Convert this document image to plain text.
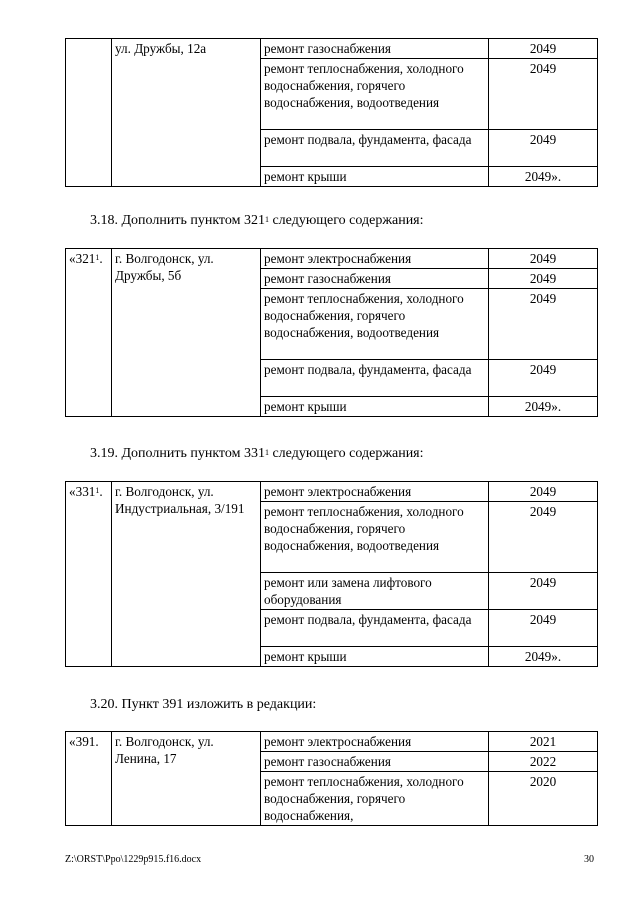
	ул. Дружбы, 12а	ремонт газоснабжения	2049
		ремонт теплоснабжения, холодного водоснабжения, горячего водоснабжения, водоотведения	2049
		ремонт подвала, фундамента, фасада	2049
		ремонт крыши	2049».
3.18. Дополнить пунктом $321^1$ следующего содержания:
«$321^1$.	г. Волгодонск, ул. Дружбы, 5б	ремонт электроснабжения	2049
		ремонт газоснабжения	2049
		ремонт теплоснабжения, холодного водоснабжения, горячего водоснабжения, водоотведения	2049
		ремонт подвала, фундамента, фасада	2049
		ремонт крыши	2049».
3.19. Дополнить пунктом $331^1$ следующего содержания:
«$331^1$.	г. Волгодонск, ул. Индустриальная, 3/191	ремонт электроснабжения	2049
		ремонт теплоснабжения, холодного водоснабжения, горячего водоснабжения, водоотведения	2049
		ремонт или замена лифтового оборудования	2049
		ремонт подвала, фундамента, фасада	2049
		ремонт крыши	2049».
3.20. Пункт 391 изложить в редакции:
«391.	г. Волгодонск, ул. Ленина, 17	ремонт электроснабжения	2021
		ремонт газоснабжения	2022
		ремонт теплоснабжения, холодного водоснабжения, горячего водоснабжения,	2020
Z:\ORST\Ppo\1229p915.f16.docx	30
